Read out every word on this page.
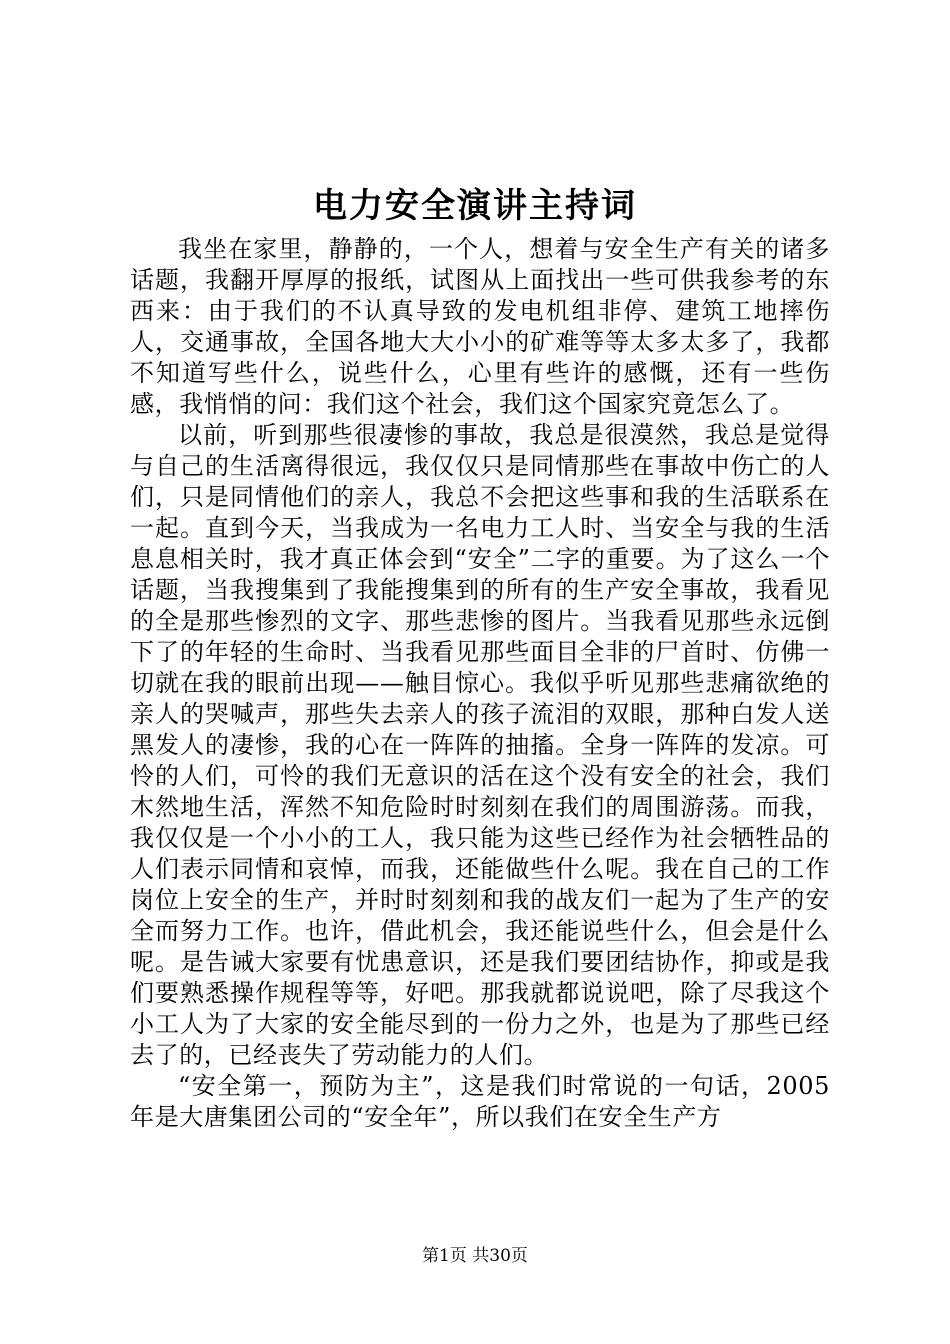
电力安全演讲主持词

我坐在家里，静静的，一个人，想着与安全生产有关的诸多话题，我翻开厚厚的报纸，试图从上面找出一些可供我参考的东西来：由于我们的不认真导致的发电机组非停、建筑工地摔伤人，交通事故，全国各地大大小小的矿难等等太多太多了，我都不知道写些什么，说些什么，心里有些许的感慨，还有一些伤感，我悄悄的问：我们这个社会，我们这个国家究竟怎么了。

以前，听到那些很凄惨的事故，我总是很漠然，我总是觉得与自己的生活离得很远，我仅仅只是同情那些在事故中伤亡的人们，只是同情他们的亲人，我总不会把这些事和我的生活联系在一起。直到今天，当我成为一名电力工人时、当安全与我的生活息息相关时，我才真正体会到“安全”二字的重要。为了这么一个话题，当我搜集到了我能搜集到的所有的生产安全事故，我看见的全是那些惨烈的文字、那些悲惨的图片。当我看见那些永远倒下了的年轻的生命时、当我看见那些面目全非的尸首时、仿佛一切就在我的眼前出现——触目惊心。我似乎听见那些悲痛欲绝的亲人的哭喊声，那些失去亲人的孩子流泪的双眼，那种白发人送黑发人的凄惨，我的心在一阵阵的抽搐。全身一阵阵的发凉。可怜的人们，可怜的我们无意识的活在这个没有安全的社会，我们木然地生活，浑然不知危险时时刻刻在我们的周围游荡。而我，我仅仅是一个小小的工人，我只能为这些已经作为社会牺牲品的人们表示同情和哀悼，而我，还能做些什么呢。我在自己的工作岗位上安全的生产，并时时刻刻和我的战友们一起为了生产的安全而努力工作。也许，借此机会，我还能说些什么，但会是什么呢。是告诫大家要有忧患意识，还是我们要团结协作，抑或是我们要熟悉操作规程等等，好吧。那我就都说说吧，除了尽我这个小工人为了大家的安全能尽到的一份力之外，也是为了那些已经去了的，已经丧失了劳动能力的人们。

“安全第一，预防为主”，这是我们时常说的一句话，2005年是大唐集团公司的“安全年”，所以我们在安全生产方

第1页 共30页
